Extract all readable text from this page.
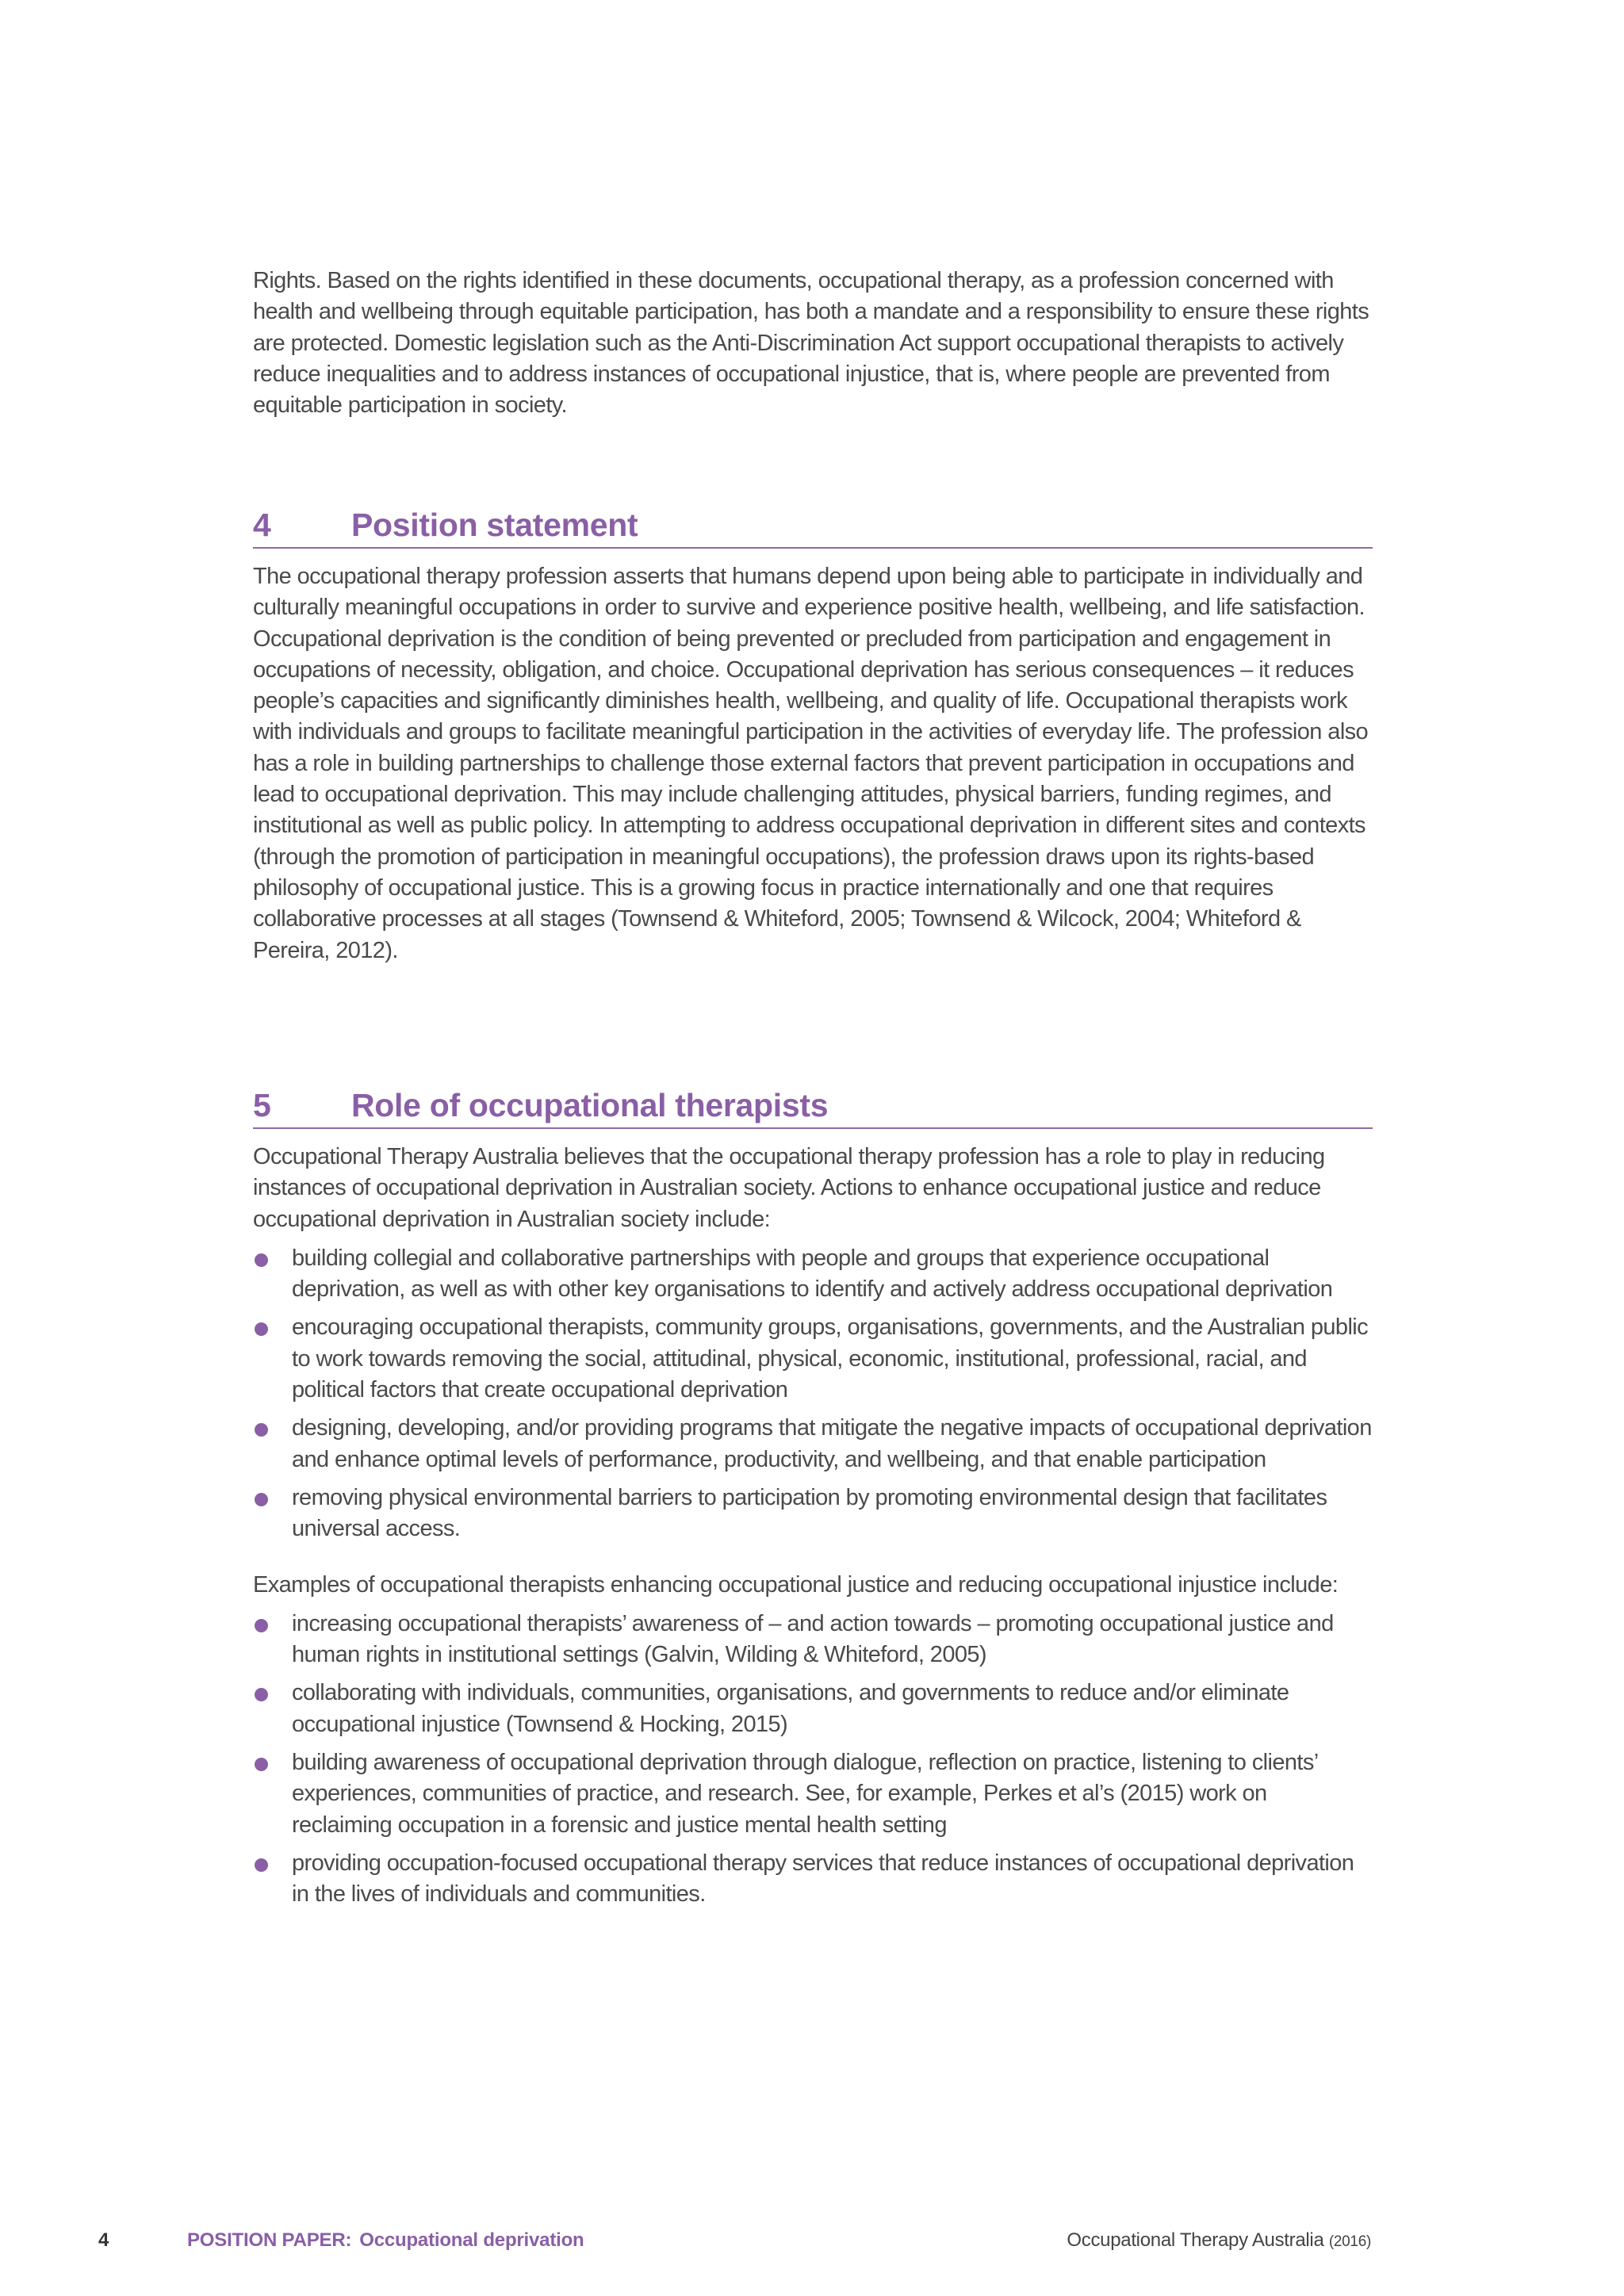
Rights. Based on the rights identified in these documents, occupational therapy, as a profession concerned with health and wellbeing through equitable participation, has both a mandate and a responsibility to ensure these rights are protected. Domestic legislation such as the Anti-Discrimination Act support occupational therapists to actively reduce inequalities and to address instances of occupational injustice, that is, where people are prevented from equitable participation in society.

4	Position statement

The occupational therapy profession asserts that humans depend upon being able to participate in individually and culturally meaningful occupations in order to survive and experience positive health, wellbeing, and life satisfaction. Occupational deprivation is the condition of being prevented or precluded from participation and engagement in occupations of necessity, obligation, and choice. Occupational deprivation has serious consequences – it reduces people’s capacities and significantly diminishes health, wellbeing, and quality of life. Occupational therapists work with individuals and groups to facilitate meaningful participation in the activities of everyday life. The profession also has a role in building partnerships to challenge those external factors that prevent participation in occupations and lead to occupational deprivation. This may include challenging attitudes, physical barriers, funding regimes, and institutional as well as public policy. In attempting to address occupational deprivation in different sites and contexts (through the promotion of participation in meaningful occupations), the profession draws upon its rights-based philosophy of occupational justice. This is a growing focus in practice internationally and one that requires collaborative processes at all stages (Townsend & Whiteford, 2005; Townsend & Wilcock, 2004; Whiteford & Pereira, 2012).

5	Role of occupational therapists

Occupational Therapy Australia believes that the occupational therapy profession has a role to play in reducing instances of occupational deprivation in Australian society. Actions to enhance occupational justice and reduce occupational deprivation in Australian society include:

building collegial and collaborative partnerships with people and groups that experience occupational deprivation, as well as with other key organisations to identify and actively address occupational deprivation
encouraging occupational therapists, community groups, organisations, governments, and the Australian public to work towards removing the social, attitudinal, physical, economic, institutional, professional, racial, and political factors that create occupational deprivation
designing, developing, and/or providing programs that mitigate the negative impacts of occupational deprivation and enhance optimal levels of performance, productivity, and wellbeing, and that enable participation
removing physical environmental barriers to participation by promoting environmental design that facilitates universal access.

Examples of occupational therapists enhancing occupational justice and reducing occupational injustice include:

increasing occupational therapists’ awareness of – and action towards – promoting occupational justice and human rights in institutional settings (Galvin, Wilding & Whiteford, 2005)
collaborating with individuals, communities, organisations, and governments to reduce and/or eliminate occupational injustice (Townsend & Hocking, 2015)
building awareness of occupational deprivation through dialogue, reflection on practice, listening to clients’ experiences, communities of practice, and research. See, for example, Perkes et al’s (2015) work on reclaiming occupation in a forensic and justice mental health setting
providing occupation-focused occupational therapy services that reduce instances of occupational deprivation in the lives of individuals and communities.
4	POSITION PAPER: Occupational deprivation	Occupational Therapy Australia (2016)
